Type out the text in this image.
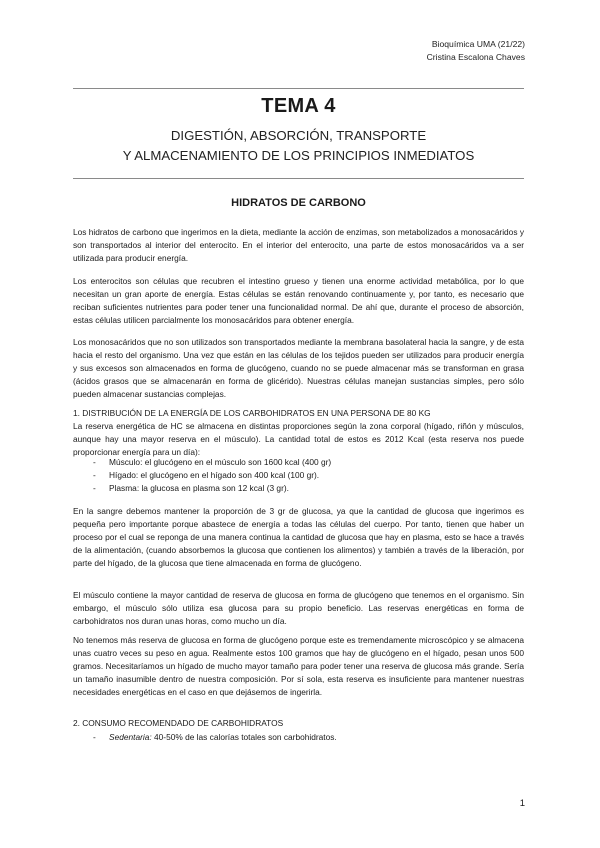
Bioquímica UMA (21/22)
Cristina Escalona Chaves
TEMA 4
DIGESTIÓN, ABSORCIÓN, TRANSPORTE
Y ALMACENAMIENTO DE LOS PRINCIPIOS INMEDIATOS
HIDRATOS DE CARBONO

Los hidratos de carbono que ingerimos en la dieta, mediante la acción de enzimas, son metabolizados a monosacáridos y son transportados al interior del enterocito. En el interior del enterocito, una parte de estos monosacáridos va a ser utilizada para producir energía.

Los enterocitos son células que recubren el intestino grueso y tienen una enorme actividad metabólica, por lo que necesitan un gran aporte de energía. Estas células se están renovando continuamente y, por tanto, es necesario que reciban suficientes nutrientes para poder tener una funcionalidad normal. De ahí que, durante el proceso de absorción, estas células utilicen parcialmente los monosacáridos para obtener energía.

Los monosacáridos que no son utilizados son transportados mediante la membrana basolateral hacia la sangre, y de esta hacia el resto del organismo. Una vez que están en las células de los tejidos pueden ser utilizados para producir energía y sus excesos son almacenados en forma de glucógeno, cuando no se puede almacenar más se transforman en grasa (ácidos grasos que se almacenarán en forma de glicérido). Nuestras células manejan sustancias simples, pero sólo pueden almacenar sustancias complejas.

1. DISTRIBUCIÓN DE LA ENERGÍA DE LOS CARBOHIDRATOS EN UNA PERSONA DE 80 KG

La reserva energética de HC se almacena en distintas proporciones según la zona corporal (hígado, riñón y músculos, aunque hay una mayor reserva en el músculo). La cantidad total de estos es 2012 Kcal (esta reserva nos puede proporcionar energía para un día):

- Músculo: el glucógeno en el músculo son 1600 kcal (400 gr)
- Hígado: el glucógeno en el hígado son 400 kcal (100 gr).
- Plasma: la glucosa en plasma son 12 kcal (3 gr).

En la sangre debemos mantener la proporción de 3 gr de glucosa, ya que la cantidad de glucosa que ingerimos es pequeña pero importante porque abastece de energía a todas las células del cuerpo. Por tanto, tienen que haber un proceso por el cual se reponga de una manera continua la cantidad de glucosa que hay en plasma, esto se hace a través de la alimentación, (cuando absorbemos la glucosa que contienen los alimentos) y también a través de la liberación, por parte del hígado, de la glucosa que tiene almacenada en forma de glucógeno.

El músculo contiene la mayor cantidad de reserva de glucosa en forma de glucógeno que tenemos en el organismo. Sin embargo, el músculo sólo utiliza esa glucosa para su propio beneficio. Las reservas energéticas en forma de carbohidratos nos duran unas horas, como mucho un día.

No tenemos más reserva de glucosa en forma de glucógeno porque este es tremendamente microscópico y se almacena unas cuatro veces su peso en agua. Realmente estos 100 gramos que hay de glucógeno en el hígado, pesan unos 500 gramos. Necesitaríamos un hígado de mucho mayor tamaño para poder tener una reserva de glucosa más grande. Sería un tamaño inasumible dentro de nuestra composición. Por sí sola, esta reserva es insuficiente para mantener nuestras necesidades energéticas en el caso en que dejásemos de ingerirla.

2. CONSUMO RECOMENDADO DE CARBOHIDRATOS
- Sedentaria: 40-50% de las calorías totales son carbohidratos.
1
